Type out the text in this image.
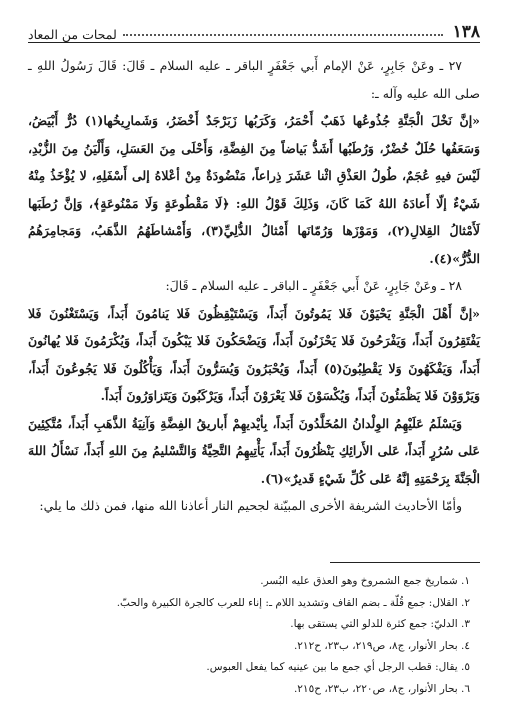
١٣٨
لمحات من المعاد

٢٧ ـ وعَنْ جَابِرٍ، عَنْ الإمام أَبي جَعْفَرٍ الباقر ـ عليه السلام ـ قَالَ: قَالَ رَسُولُ اللهِ ـ صلى الله عليه وآله ـ:

«إنَّ نَخْلَ الْجَنَّةِ جُذُوعُها ذَهَبٌ أَحْمَرُ، وَكَرَبُها زَبَرْجَدٌ أَخْضَرُ، وَشَمارِيخُها(١) دُرٌّ أَبْيَضُ، وَسَعَفُها حُلَلٌ خُضْرٌ، وَرُطَبُها أَشَدُّ بَياضاً مِنَ الفِضَّةِ، وَأَحْلَى مِنَ العَسَلِ، وَأَلْيَنُ مِنَ الزُّبْدِ، لَيْسَ فيهِ عُجَمٌ، طُولُ العَذْقِ اثْنا عَشَرَ ذِراعاً، مَنْضُودَةٌ مِنْ أعْلاهُ إلى أَسْفَلِهِ، لا يُؤْخَذُ مِنْهُ شَيْءٌ إلّا أَعادَهُ اللهُ كَمَا كَانَ، وَذَلِكَ قَوْلُ اللهِ: ﴿لَا مَقْطُوعَةٍ وَلَا مَمْنُوعَةٍ﴾، وَإنَّ رُطَبَها لَأَمْثالُ القِلالِ(٢)، وَمَوْزَها وَرُمّانَها أَمْثالُ الدُّلِيِّ(٣)، وَأَمْشاطَهُمُ الذَّهَبُ، وَمَجامِرَهُمُ الدُّرُّ»(٤).

٢٨ ـ وعَنْ جَابِرٍ، عَنْ أَبي جَعْفَرٍ ـ الباقر ـ عليه السلام ـ قَالَ:

«إنَّ أَهْلَ الْجَنَّةِ يَحْيَوْنَ فَلا يَمُوتُونَ أَبَداً، وَيَسْتَيْقِظُونَ فَلا يَنامُونَ أَبَداً، وَيَسْتَغْنُونَ فَلا يَفْتَقِرُونَ أَبَداً، وَيَفْرَحُونَ فَلا يَحْزَنُونَ أَبَداً، وَيَضْحَكُونَ فَلا يَبْكُونَ أَبَداً، وَيُكْرَمُونَ فَلا يُهانُونَ أَبَداً، وَيَفْكَهُونَ وَلا يَقْطِبُونَ(٥) أَبَداً، وَيُحْبَرُونَ وَيُسَرُّونَ أَبَداً، وَيَأْكُلُونَ فَلا يَجُوعُونَ أَبَداً، وَيَرْوَوْنَ فَلا يَظْمَئُونَ أَبَداً، وَيُكْسَوْنَ فَلا يَعْرَوْنَ أَبَداً، وَيَرْكَبُونَ وَيَتَزاوَرُونَ أَبَداً.

وَيَسْلَمُ عَلَيْهِمُ الوِلْدانُ المُخَلَّدُونَ أَبَداً، بِأيْديهِمْ أَباريقُ الفِضَّةِ وَآنِيَةُ الذَّهَبِ أَبَداً، مُتَّكِئِينَ عَلى سُرُرٍ أَبَداً، عَلى الأَرائِكِ يَنْظُرُونَ أَبَداً، يَأْتِيهِمُ التَّحِيَّةُ وَالتَّسْليمُ مِنَ اللهِ أَبَداً، نَسْأَلُ اللهَ الْجَنَّةَ بِرَحْمَتِهِ إنَّهُ عَلى كُلِّ شَيْءٍ قَديرٌ»(٦).

وأمّا الأحاديث الشريفة الأخرى المبيّنة لجحيم النار أعاذنا الله منها، فمن ذلك ما يلي:

١. شماريخ جمع الشمروخ وهو العذق عليه البُسر.
٢. القلال: جمع قُلّة ـ بضم القاف وتشديد اللام ـ: إناء للعرب كالجرة الكبيرة والحبّ.
٣. الدليّ: جمع كثرة للدلو التي يستقى بها.
٤. بحار الأنوار، ج٨، ص٢١٩، ب٢٣، ح٢١٢.
٥. يقال: قطب الرجل أي جمع ما بين عينيه كما يفعل العبوس.
٦. بحار الأنوار، ج٨، ص٢٢٠، ب٢٣، ح٢١٥.
